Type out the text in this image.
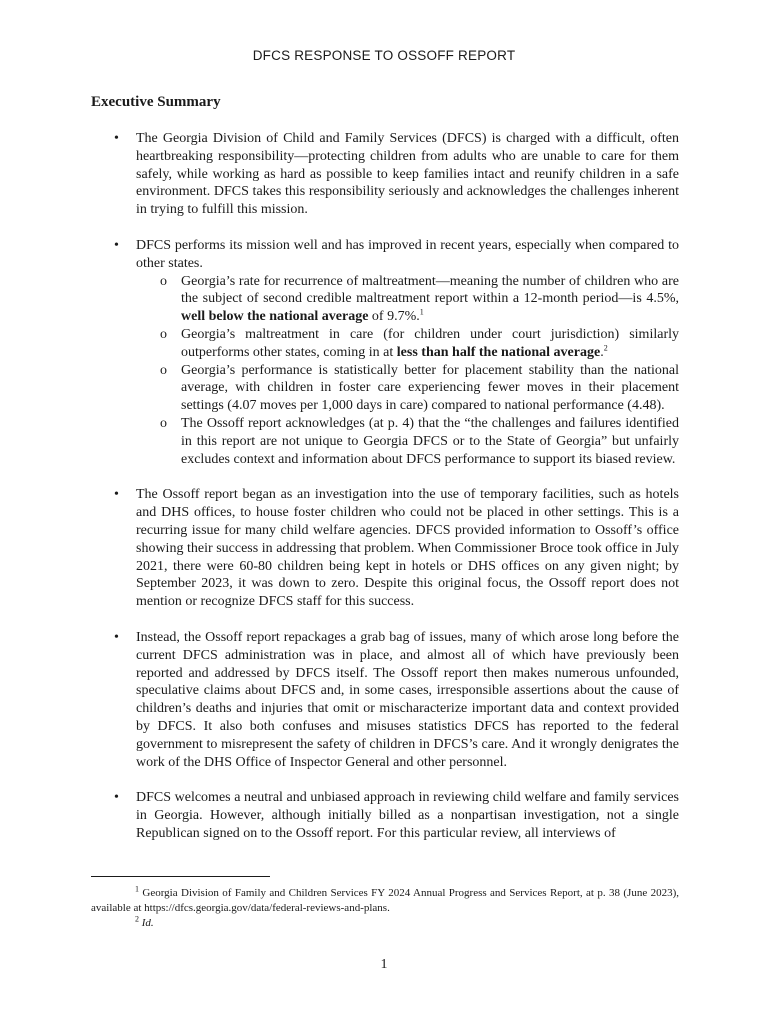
DFCS RESPONSE TO OSSOFF REPORT
Executive Summary
• The Georgia Division of Child and Family Services (DFCS) is charged with a difficult, often heartbreaking responsibility—protecting children from adults who are unable to care for them safely, while working as hard as possible to keep families intact and reunify children in a safe environment. DFCS takes this responsibility seriously and acknowledges the challenges inherent in trying to fulfill this mission.

• DFCS performs its mission well and has improved in recent years, especially when compared to other states.

o Georgia’s rate for recurrence of maltreatment—meaning the number of children who are the subject of second credible maltreatment report within a 12-month period—is 4.5%, well below the national average of 9.7%.$^1$

o Georgia’s maltreatment in care (for children under court jurisdiction) similarly outperforms other states, coming in at less than half the national average.$^2$

o Georgia’s performance is statistically better for placement stability than the national average, with children in foster care experiencing fewer moves in their placement settings (4.07 moves per 1,000 days in care) compared to national performance (4.48).

o The Ossoff report acknowledges (at p. 4) that the “the challenges and failures identified in this report are not unique to Georgia DFCS or to the State of Georgia” but unfairly excludes context and information about DFCS performance to support its biased review.

• The Ossoff report began as an investigation into the use of temporary facilities, such as hotels and DHS offices, to house foster children who could not be placed in other settings. This is a recurring issue for many child welfare agencies. DFCS provided information to Ossoff’s office showing their success in addressing that problem. When Commissioner Broce took office in July 2021, there were 60-80 children being kept in hotels or DHS offices on any given night; by September 2023, it was down to zero. Despite this original focus, the Ossoff report does not mention or recognize DFCS staff for this success.

• Instead, the Ossoff report repackages a grab bag of issues, many of which arose long before the current DFCS administration was in place, and almost all of which have previously been reported and addressed by DFCS itself. The Ossoff report then makes numerous unfounded, speculative claims about DFCS and, in some cases, irresponsible assertions about the cause of children’s deaths and injuries that omit or mischaracterize important data and context provided by DFCS. It also both confuses and misuses statistics DFCS has reported to the federal government to misrepresent the safety of children in DFCS’s care. And it wrongly denigrates the work of the DHS Office of Inspector General and other personnel.

• DFCS welcomes a neutral and unbiased approach in reviewing child welfare and family services in Georgia. However, although initially billed as a nonpartisan investigation, not a single Republican signed on to the Ossoff report. For this particular review, all interviews of

$^1$ Georgia Division of Family and Children Services FY 2024 Annual Progress and Services Report, at p. 38 (June 2023), available at https://dfcs.georgia.gov/data/federal-reviews-and-plans.

$^2$ Id.

1
